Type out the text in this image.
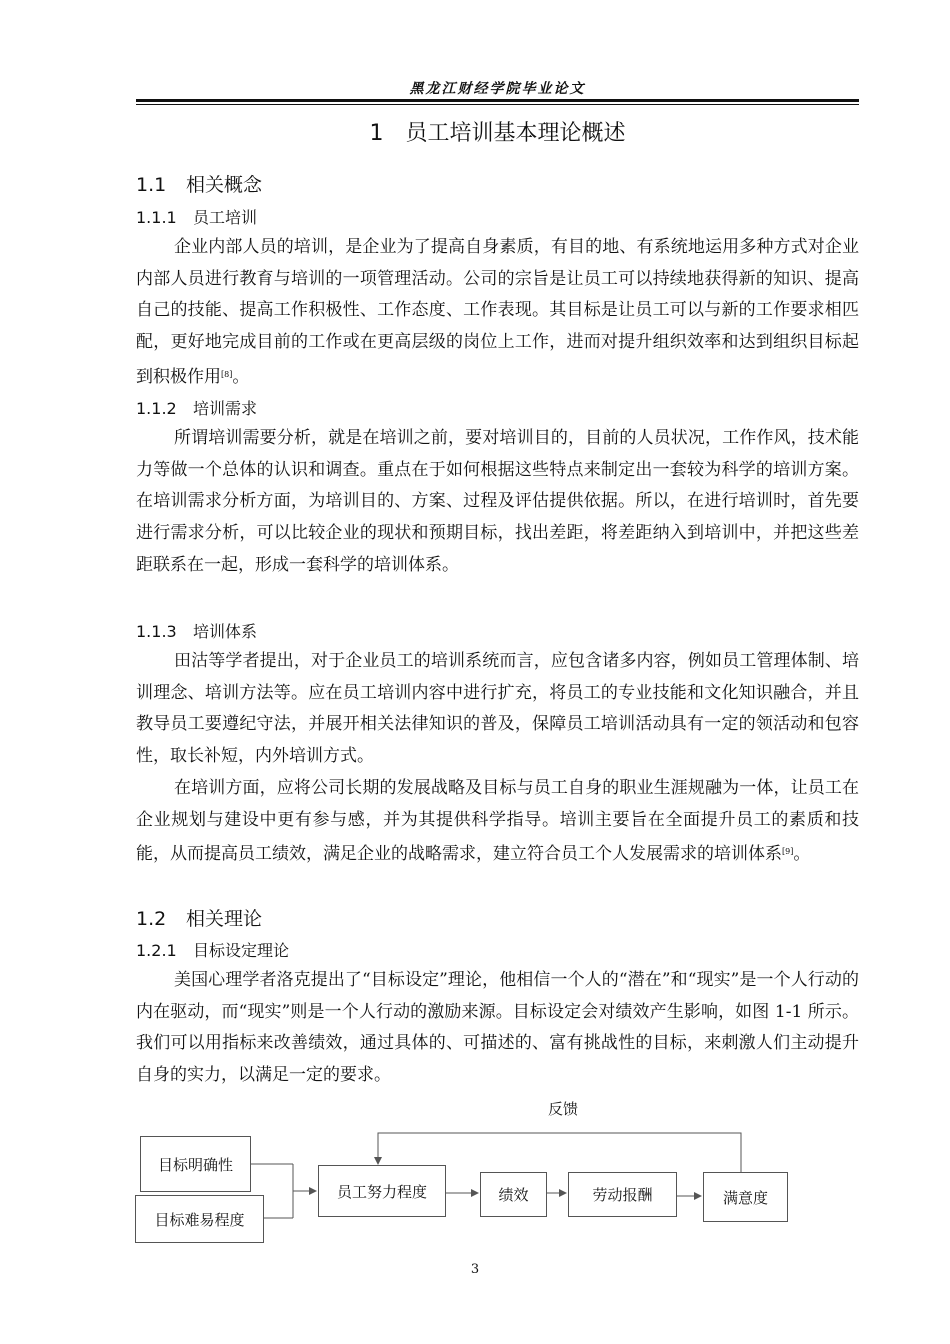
黑龙江财经学院毕业论文
1　员工培训基本理论概述
1.1 相关概念
1.1.1 员工培训

企业内部人员的培训，是企业为了提高自身素质，有目的地、有系统地运用多种方式对企业内部人员进行教育与培训的一项管理活动。公司的宗旨是让员工可以持续地获得新的知识、提高自己的技能、提高工作积极性、工作态度、工作表现。其目标是让员工可以与新的工作要求相匹配，更好地完成目前的工作或在更高层级的岗位上工作，进而对提升组织效率和达到组织目标起到积极作用[8]。

1.1.2 培训需求

所谓培训需要分析，就是在培训之前，要对培训目的，目前的人员状况，工作作风，技术能力等做一个总体的认识和调查。重点在于如何根据这些特点来制定出一套较为科学的培训方案。在培训需求分析方面，为培训目的、方案、过程及评估提供依据。所以，在进行培训时，首先要进行需求分析，可以比较企业的现状和预期目标，找出差距，将差距纳入到培训中，并把这些差距联系在一起，形成一套科学的培训体系。

1.1.3 培训体系

田沽等学者提出，对于企业员工的培训系统而言，应包含诸多内容，例如员工管理体制、培训理念、培训方法等。应在员工培训内容中进行扩充，将员工的专业技能和文化知识融合，并且教导员工要遵纪守法，并展开相关法律知识的普及，保障员工培训活动具有一定的领活动和包容性，取长补短，内外培训方式。

在培训方面，应将公司长期的发展战略及目标与员工自身的职业生涯规融为一体，让员工在企业规划与建设中更有参与感，并为其提供科学指导。培训主要旨在全面提升员工的素质和技能，从而提高员工绩效，满足企业的战略需求，建立符合员工个人发展需求的培训体系[9]。

1.2 相关理论
1.2.1 目标设定理论

美国心理学者洛克提出了“目标设定”理论，他相信一个人的“潜在”和“现实”是一个人行动的内在驱动，而“现实”则是一个人行动的激励来源。目标设定会对绩效产生影响，如图 1-1 所示。我们可以用指标来改善绩效，通过具体的、可描述的、富有挑战性的目标，来刺激人们主动提升自身的实力，以满足一定的要求。

反馈
目标明确性
目标难易程度
员工努力程度	绩效	劳动报酬	满意度
3
